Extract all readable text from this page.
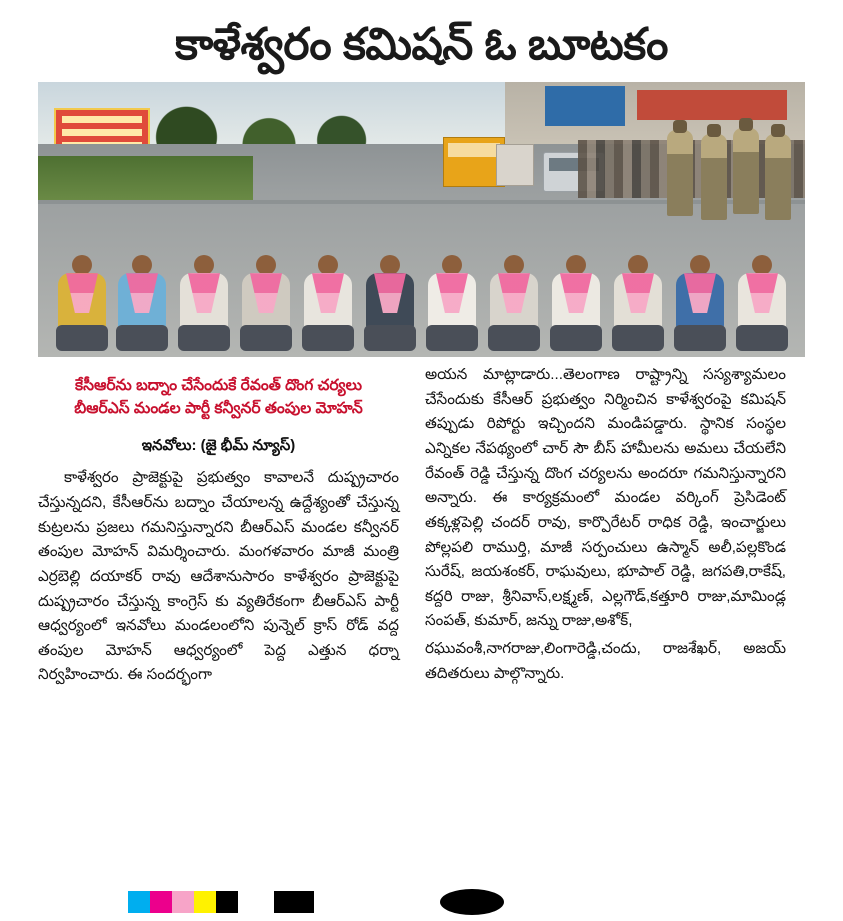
కాళేశ్వరం కమిషన్ ఓ బూటకం
కేసీఆర్‌ను బద్నాం చేసేందుకే రేవంత్ దొంగ చర్యలు
బీఆర్‌ఎస్ మండల పార్టీ కన్వీనర్ తంపుల మోహన్
ఇనవోలు: (జై భీమ్ న్యూస్)

కాళేశ్వరం ప్రాజెక్టుపై ప్రభుత్వం కావాలనే దుష్ప్రచారం చేస్తున్నదని, కేసీఆర్‌ను బద్నాం చేయాలన్న ఉద్దేశ్యంతో చేస్తున్న కుట్రలను ప్రజలు గమనిస్తున్నారని బీఆర్‌ఎస్ మండల కన్వీనర్ తంపుల మోహన్ విమర్శించారు. మంగళవారం మాజీ మంత్రి ఎర్రబెల్లి దయాకర్ రావు ఆదేశానుసారం కాళేశ్వరం ప్రాజెక్టుపై దుష్ప్రచారం చేస్తున్న కాంగ్రెస్ కు వ్యతిరేకంగా బీఆర్‌ఎస్ పార్టీ ఆధ్వర్యంలో ఇనవోలు మండలంలోని పున్నెల్ క్రాస్ రోడ్ వద్ద తంపుల మోహన్ ఆధ్వర్యంలో పెద్ద ఎత్తున ధర్నా నిర్వహించారు. ఈ సందర్భంగా

అయన మాట్లాడారు...తెలంగాణ రాష్ట్రాన్ని సస్యశ్యామలం చేసేందుకు కేసీఆర్ ప్రభుత్వం నిర్మించిన కాళేశ్వరంపై కమిషన్ తప్పుడు రిపోర్టు ఇచ్చిందని మండిపడ్డారు. స్థానిక సంస్థల ఎన్నికల నేపథ్యంలో చార్ సౌ బీస్ హామీలను అమలు చేయలేని రేవంత్ రెడ్డి చేస్తున్న దొంగ చర్యలను అందరూ గమనిస్తున్నారని అన్నారు. ఈ కార్యక్రమంలో మండల వర్కింగ్ ప్రెసిడెంట్ తక్కళ్లపెల్లి చందర్ రావు, కార్పొరేటర్ రాధిక రెడ్డి, ఇంచార్జులు పోల్లపలి రాముర్తి, మాజీ సర్పంచులు ఉస్మాన్ అలీ,పల్లకొండ సురేష్, జయశంకర్, రాఘవులు, భూపాల్ రెడ్డి, జగపతి,రాకేష్, కద్దరి రాజు, శ్రీనివాస్,లక్ష్మణ్, ఎల్లగౌడ్,కత్తూరి రాజు,మామిండ్ల సంపత్, కుమార్, జన్ను రాజు,అశోక్,

రఘువంశీ,నాగరాజు,లింగారెడ్డి,చందు, రాజశేఖర్, అజయ్ తదితరులు పాల్గొన్నారు.
